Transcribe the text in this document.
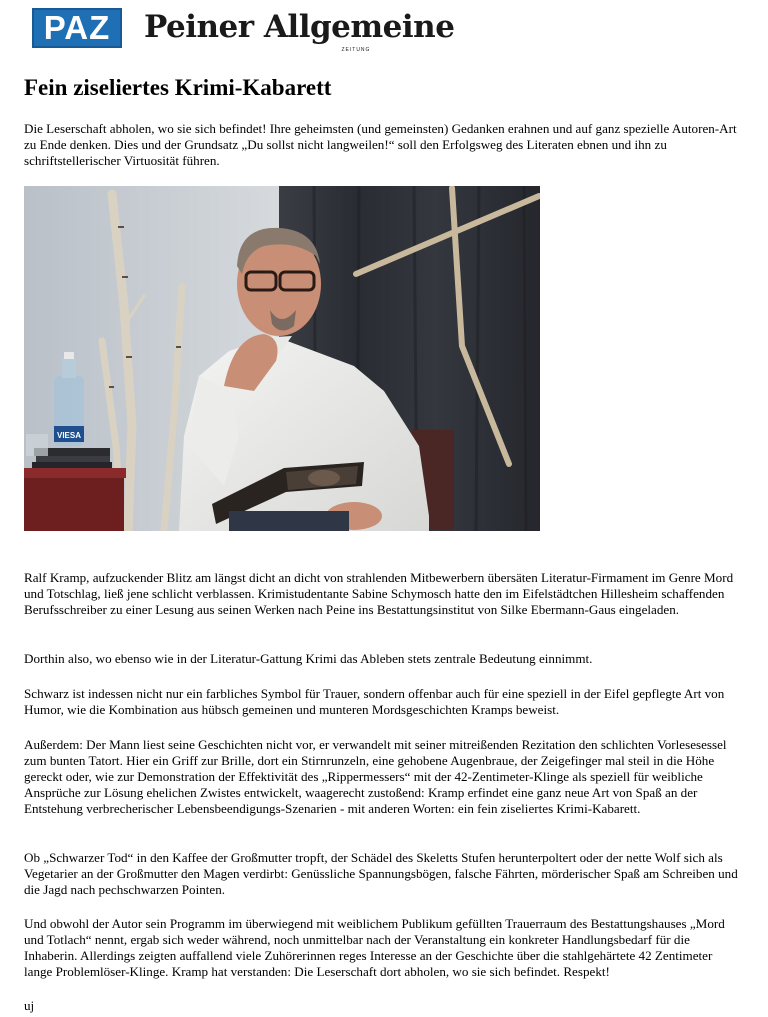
PAZ	Peiner Allgemeine
ZEITUNG
Fein ziseliertes Krimi-Kabarett

Die Leserschaft abholen, wo sie sich befindet! Ihre geheimsten (und gemeinsten) Gedanken erahnen und auf ganz spezielle Autoren-Art zu Ende denken. Dies und der Grundsatz „Du sollst nicht langweilen!“ soll den Erfolgsweg des Literaten ebnen und ihn zu schriftstellerischer Virtuosität führen.

VIESA

Ralf Kramp, aufzuckender Blitz am längst dicht an dicht von strahlenden Mitbewerbern übersäten Literatur-Firmament im Genre Mord und Totschlag, ließ jene schlicht verblassen. Krimistudentante Sabine Schymosch hatte den im Eifelstädtchen Hillesheim schaffenden Berufsschreiber zu einer Lesung aus seinen Werken nach Peine ins Bestattungsinstitut von Silke Ebermann-Gaus eingeladen.

Dorthin also, wo ebenso wie in der Literatur-Gattung Krimi das Ableben stets zentrale Bedeutung einnimmt.

Schwarz ist indessen nicht nur ein farbliches Symbol für Trauer, sondern offenbar auch für eine speziell in der Eifel gepflegte Art von Humor, wie die Kombination aus hübsch gemeinen und munteren Mordsgeschichten Kramps beweist.

Außerdem: Der Mann liest seine Geschichten nicht vor, er verwandelt mit seiner mitreißenden Rezitation den schlichten Vorlesesessel zum bunten Tatort. Hier ein Griff zur Brille, dort ein Stirnrunzeln, eine gehobene Augenbraue, der Zeigefinger mal steil in die Höhe gereckt oder, wie zur Demonstration der Effektivität des „Rippermessers“ mit der 42-Zentimeter-Klinge als speziell für weibliche Ansprüche zur Lösung ehelichen Zwistes entwickelt, waagerecht zustoßend: Kramp erfindet eine ganz neue Art von Spaß an der Entstehung verbrecherischer Lebensbeendigungs-Szenarien - mit anderen Worten: ein fein ziseliertes Krimi-Kabarett.

Ob „Schwarzer Tod“ in den Kaffee der Großmutter tropft, der Schädel des Skeletts Stufen herunterpoltert oder der nette Wolf sich als Vegetarier an der Großmutter den Magen verdirbt: Genüssliche Spannungsbögen, falsche Fährten, mörderischer Spaß am Schreiben und die Jagd nach pechschwarzen Pointen.

Und obwohl der Autor sein Programm im überwiegend mit weiblichem Publikum gefüllten Trauerraum des Bestattungshauses „Mord und Totlach“ nennt, ergab sich weder während, noch unmittelbar nach der Veranstaltung ein konkreter Handlungsbedarf für die Inhaberin. Allerdings zeigten auffallend viele Zuhörerinnen reges Interesse an der Geschichte über die stahlgehärtete 42 Zentimeter lange Problemlöser-Klinge. Kramp hat verstanden: Die Leserschaft dort abholen, wo sie sich befindet. Respekt!

uj
